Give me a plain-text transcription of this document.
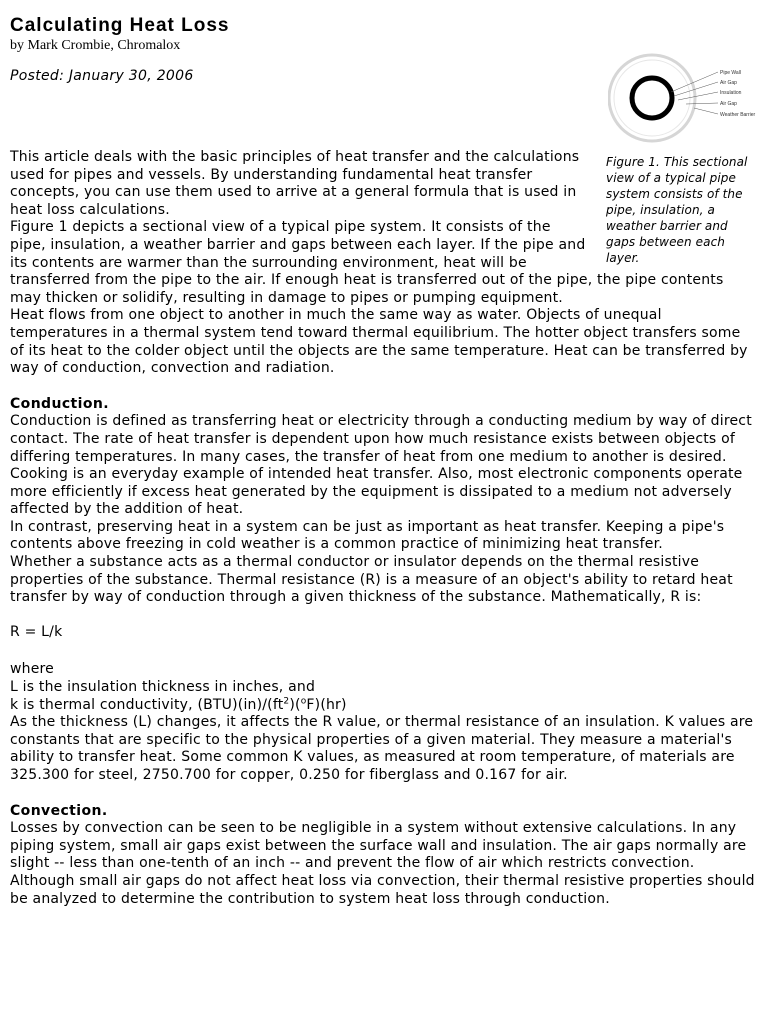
Calculating Heat Loss

by Mark Crombie, Chromalox

Posted: January 30, 2006	Pipe Wall
Air Gap
Insulation
Air Gap
Weather Barrier

Figure 1. This sectional view of a typical pipe system consists of the pipe, insulation, a weather barrier and gaps between each layer.

This article deals with the basic principles of heat transfer and the calculations used for pipes and vessels. By understanding fundamental heat transfer concepts, you can use them used to arrive at a general formula that is used in heat loss calculations.

Figure 1 depicts a sectional view of a typical pipe system. It consists of the pipe, insulation, a weather barrier and gaps between each layer. If the pipe and its contents are warmer than the surrounding environment, heat will be transferred from the pipe to the air. If enough heat is transferred out of the pipe, the pipe contents may thicken or solidify, resulting in damage to pipes or pumping equipment.

Heat flows from one object to another in much the same way as water. Objects of unequal temperatures in a thermal system tend toward thermal equilibrium. The hotter object transfers some of its heat to the colder object until the objects are the same temperature. Heat can be transferred by way of conduction, convection and radiation.

Conduction.

Conduction is defined as transferring heat or electricity through a conducting medium by way of direct contact. The rate of heat transfer is dependent upon how much resistance exists between objects of differing temperatures. In many cases, the transfer of heat from one medium to another is desired. Cooking is an everyday example of intended heat transfer. Also, most electronic components operate more efficiently if excess heat generated by the equipment is dissipated to a medium not adversely affected by the addition of heat.

In contrast, preserving heat in a system can be just as important as heat transfer. Keeping a pipe's contents above freezing in cold weather is a common practice of minimizing heat transfer.

Whether a substance acts as a thermal conductor or insulator depends on the thermal resistive properties of the substance. Thermal resistance (R) is a measure of an object's ability to retard heat transfer by way of conduction through a given thickness of the substance. Mathematically, R is:

R = L/k

where

L is the insulation thickness in inches, and

k is thermal conductivity, $(BTU)(in)/(ft^2)(^oF)(hr)$

As the thickness (L) changes, it affects the R value, or thermal resistance of an insulation. K values are constants that are specific to the physical properties of a given material. They measure a material's ability to transfer heat. Some common K values, as measured at room temperature, of materials are 325.300 for steel, 2750.700 for copper, 0.250 for fiberglass and 0.167 for air.

Convection.

Losses by convection can be seen to be negligible in a system without extensive calculations. In any piping system, small air gaps exist between the surface wall and insulation. The air gaps normally are slight -- less than one-tenth of an inch -- and prevent the flow of air which restricts convection. Although small air gaps do not affect heat loss via convection, their thermal resistive properties should be analyzed to determine the contribution to system heat loss through conduction.
